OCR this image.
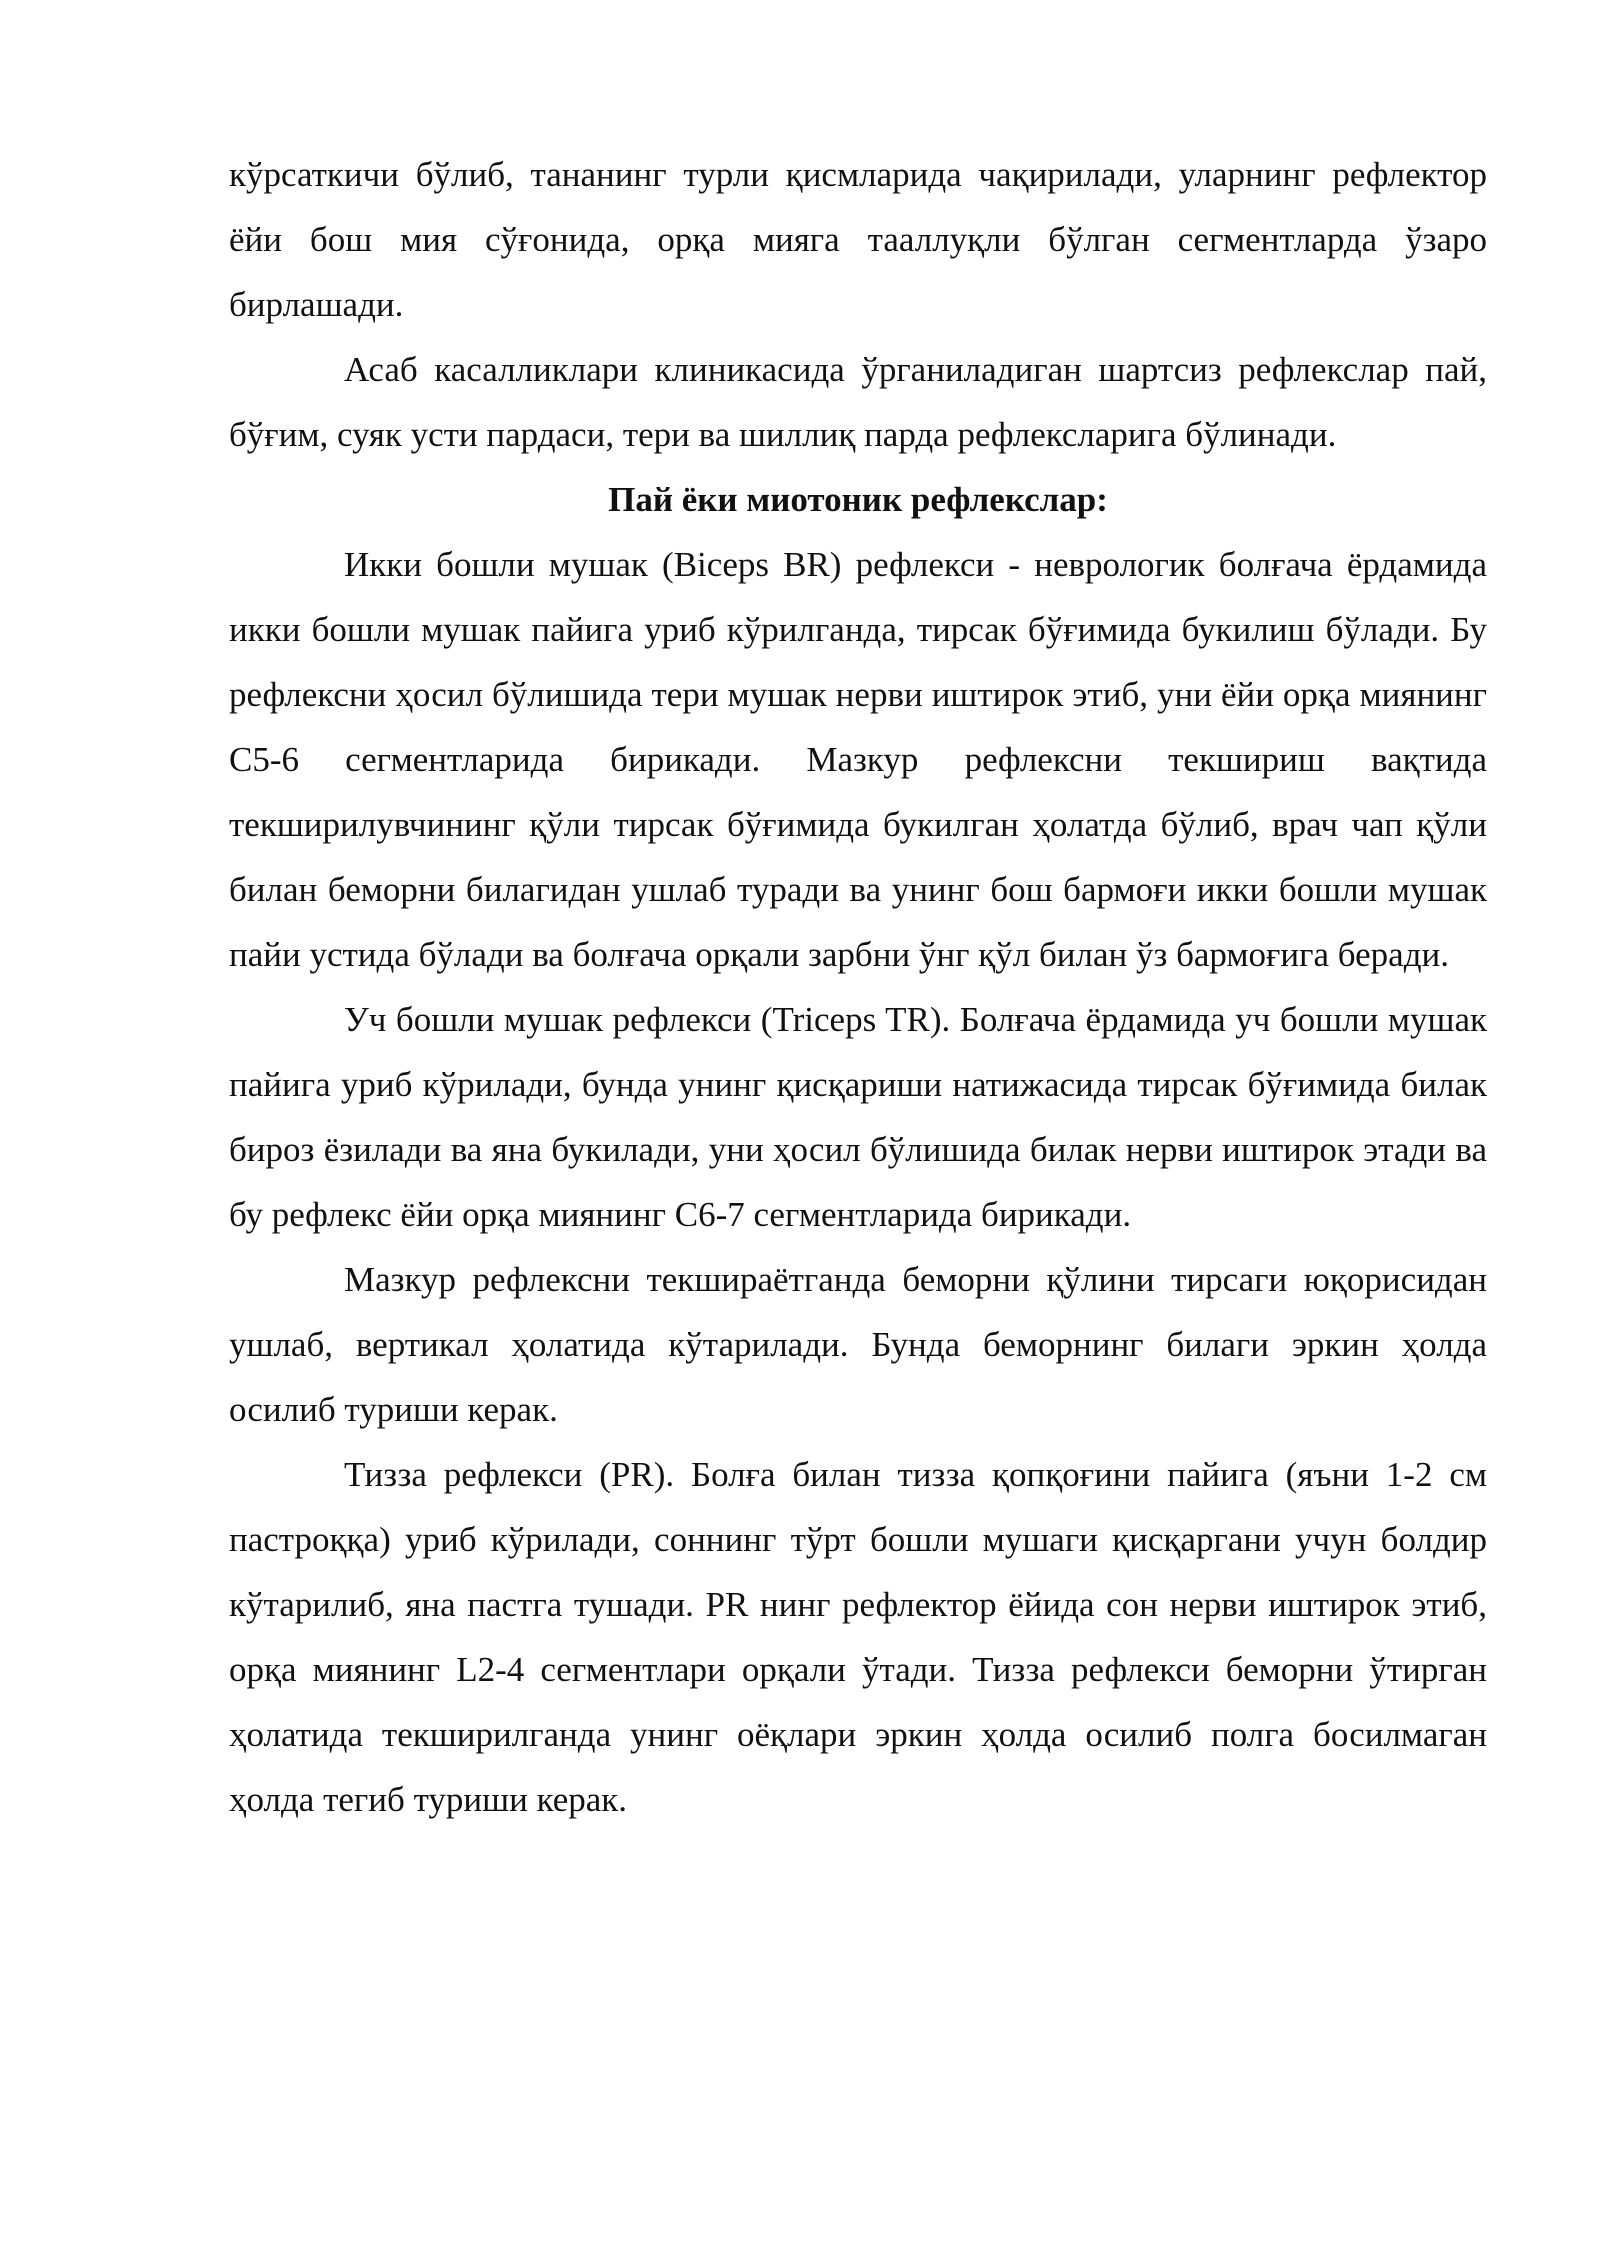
кўрсаткичи бўлиб, тананинг турли қисмларида чақирилади, уларнинг рефлектор ёйи бош мия сўғонида, орқа мияга тааллуқли бўлган сегментларда ўзаро бирлашади.

Асаб касалликлари клиникасида ўрганиладиган шартсиз рефлекслар пай, бўғим, суяк усти пардаси, тери ва шиллиқ парда рефлексларига бўлинади.

Пай ёки миотоник рефлекслар:

Икки бошли мушак (Biceps BR) рефлекси - неврологик болғача ёрдамида икки бошли мушак пайига уриб кўрилганда, тирсак бўғимида букилиш бўлади. Бу рефлексни ҳосил бўлишида тери мушак нерви иштирок этиб, уни ёйи орқа миянинг C5-6 сегментларида бирикади. Мазкур рефлексни текшириш вақтида текширилувчининг қўли тирсак бўғимида букилган ҳолатда бўлиб, врач чап қўли билан беморни билагидан ушлаб туради ва унинг бош бармоғи икки бошли мушак пайи устида бўлади ва болғача орқали зарбни ўнг қўл билан ўз бармоғига беради.

Уч бошли мушак рефлекси (Triceps TR). Болғача ёрдамида уч бошли мушак пайига уриб кўрилади, бунда унинг қисқариши натижасида тирсак бўғимида билак бироз ёзилади ва яна букилади, уни ҳосил бўлишида билак нерви иштирок этади ва бу рефлекс ёйи орқа миянинг C6-7 сегментларида бирикади.

Мазкур рефлексни текшираётганда беморни қўлини тирсаги юқорисидан ушлаб, вертикал ҳолатида кўтарилади. Бунда беморнинг билаги эркин ҳолда осилиб туриши керак.

Тизза рефлекси (PR). Болға билан тизза қопқоғини пайига (яъни 1-2 см пастроққа) уриб кўрилади, соннинг тўрт бошли мушаги қисқаргани учун болдир кўтарилиб, яна пастга тушади. PR нинг рефлектор ёйида сон нерви иштирок этиб, орқа миянинг L2-4 сегментлари орқали ўтади. Тизза рефлекси беморни ўтирган ҳолатида текширилганда унинг оёқлари эркин ҳолда осилиб полга босилмаган ҳолда тегиб туриши керак.
